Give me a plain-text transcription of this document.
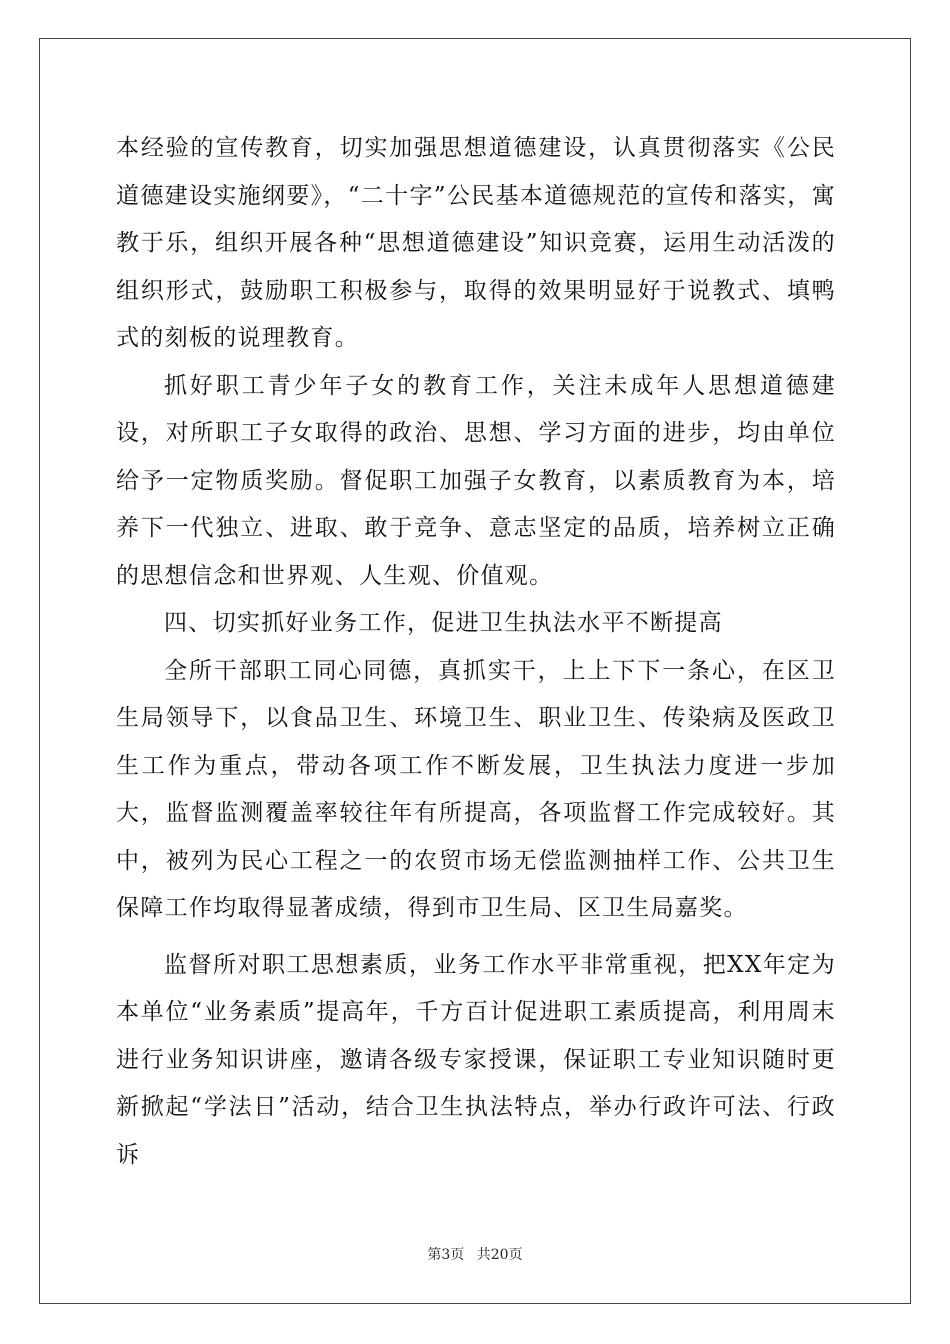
本经验的宣传教育，切实加强思想道德建设，认真贯彻落实《公民道德建设实施纲要》，“二十字”公民基本道德规范的宣传和落实，寓教于乐，组织开展各种“思想道德建设”知识竞赛，运用生动活泼的组织形式，鼓励职工积极参与，取得的效果明显好于说教式、填鸭式的刻板的说理教育。

抓好职工青少年子女的教育工作，关注未成年人思想道德建设，对所职工子女取得的政治、思想、学习方面的进步，均由单位给予一定物质奖励。督促职工加强子女教育，以素质教育为本，培养下一代独立、进取、敢于竞争、意志坚定的品质，培养树立正确的思想信念和世界观、人生观、价值观。

四、切实抓好业务工作，促进卫生执法水平不断提高

全所干部职工同心同德，真抓实干，上上下下一条心，在区卫生局领导下，以食品卫生、环境卫生、职业卫生、传染病及医政卫生工作为重点，带动各项工作不断发展，卫生执法力度进一步加大，监督监测覆盖率较往年有所提高，各项监督工作完成较好。其中，被列为民心工程之一的农贸市场无偿监测抽样工作、公共卫生保障工作均取得显著成绩，得到市卫生局、区卫生局嘉奖。

监督所对职工思想素质，业务工作水平非常重视，把XX年定为本单位“业务素质”提高年，千方百计促进职工素质提高，利用周末进行业务知识讲座，邀请各级专家授课，保证职工专业知识随时更新掀起“学法日”活动，结合卫生执法特点，举办行政许可法、行政诉

第3页 共20页
